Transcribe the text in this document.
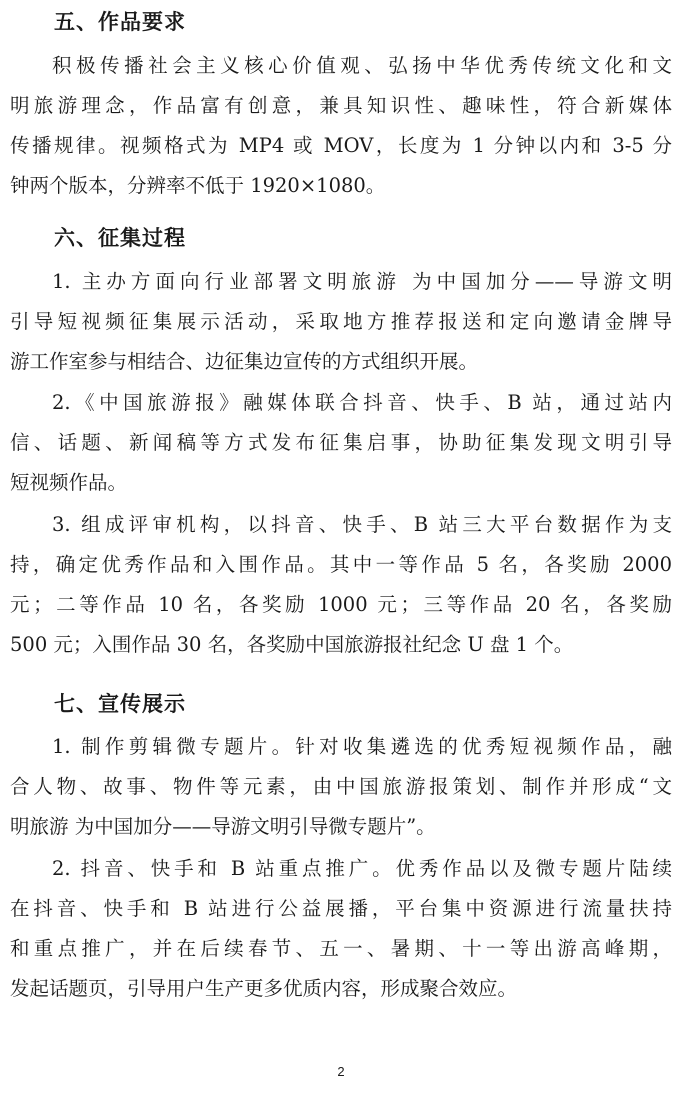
五、作品要求
积极传播社会主义核心价值观、弘扬中华优秀传统文化和文
明旅游理念，作品富有创意，兼具知识性、趣味性，符合新媒体
传播规律。视频格式为 MP4 或 MOV，长度为 1 分钟以内和 3-5 分
钟两个版本，分辨率不低于 1920×1080。
六、征集过程
1. 主办方面向行业部署文明旅游 为中国加分——导游文明
引导短视频征集展示活动，采取地方推荐报送和定向邀请金牌导
游工作室参与相结合、边征集边宣传的方式组织开展。
2.《中国旅游报》融媒体联合抖音、快手、B 站，通过站内
信、话题、新闻稿等方式发布征集启事，协助征集发现文明引导
短视频作品。
3. 组成评审机构，以抖音、快手、B 站三大平台数据作为支
持，确定优秀作品和入围作品。其中一等作品 5 名，各奖励 2000
元；二等作品 10 名，各奖励 1000 元；三等作品 20 名，各奖励
500 元；入围作品 30 名，各奖励中国旅游报社纪念 U 盘 1 个。
七、宣传展示
1. 制作剪辑微专题片。针对收集遴选的优秀短视频作品，融
合人物、故事、物件等元素，由中国旅游报策划、制作并形成“文
明旅游 为中国加分——导游文明引导微专题片”。
2. 抖音、快手和 B 站重点推广。优秀作品以及微专题片陆续
在抖音、快手和 B 站进行公益展播，平台集中资源进行流量扶持
和重点推广，并在后续春节、五一、暑期、十一等出游高峰期，
发起话题页，引导用户生产更多优质内容，形成聚合效应。
2
